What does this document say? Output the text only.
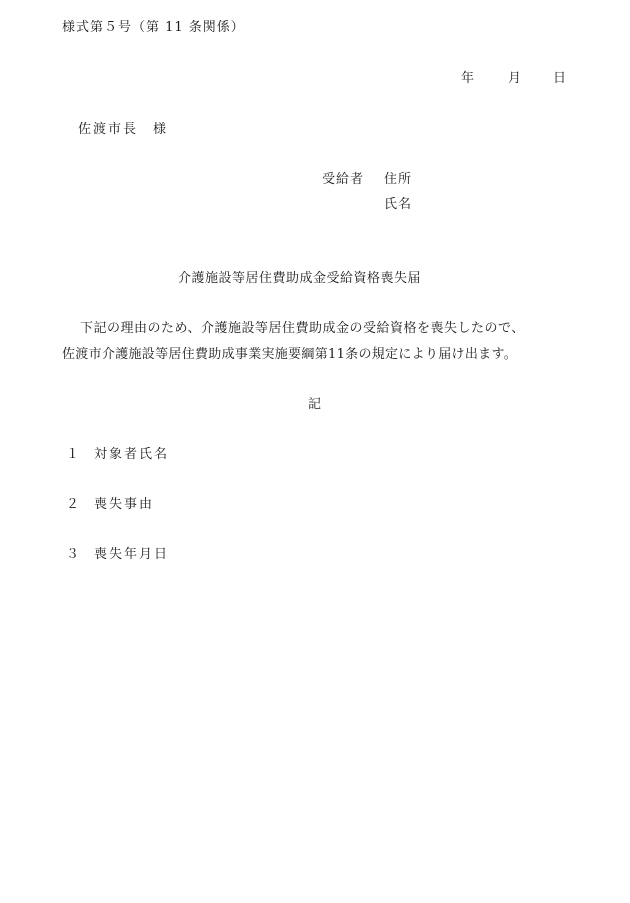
様式第５号（第 11 条関係）
年	月 日
佐渡市長　様
受給者 住所
氏名
介護施設等居住費助成金受給資格喪失届
下記の理由のため、介護施設等居住費助成金の受給資格を喪失したので、
佐渡市介護施設等居住費助成事業実施要綱第11条の規定により届け出ます。
記
１ 対象者氏名
２ 喪失事由
３ 喪失年月日
